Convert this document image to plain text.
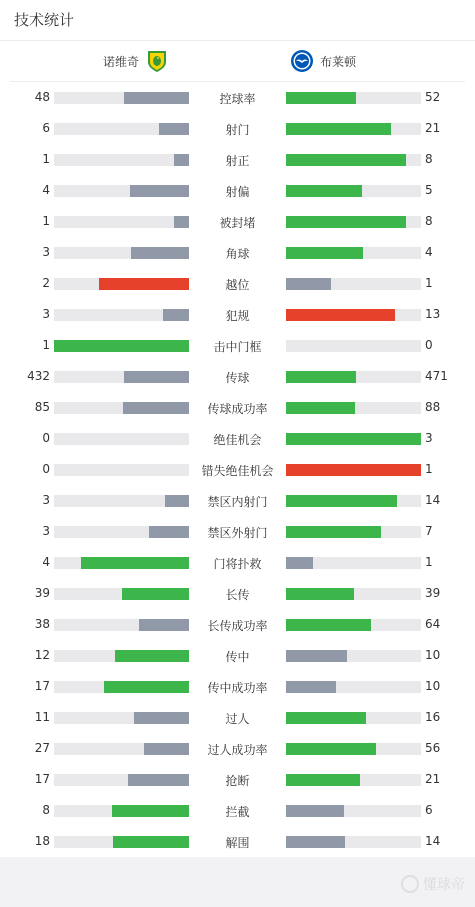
技术统计
诺维奇	布莱顿
48	控球率	52
6	射门	21
1	射正	8
4	射偏	5
1	被封堵	8
3	角球	4
2	越位	1
3	犯规	13
1	击中门框	0
432	传球	471
85	传球成功率	88
0	绝佳机会	3
0	错失绝佳机会	1
3	禁区内射门	14
3	禁区外射门	7
4	门将扑救	1
39	长传	39
38	长传成功率	64
12	传中	10
17	传中成功率	10
11	过人	16
27	过人成功率	56
17	抢断	21
8	拦截	6
18	解围	14
懂球帝
